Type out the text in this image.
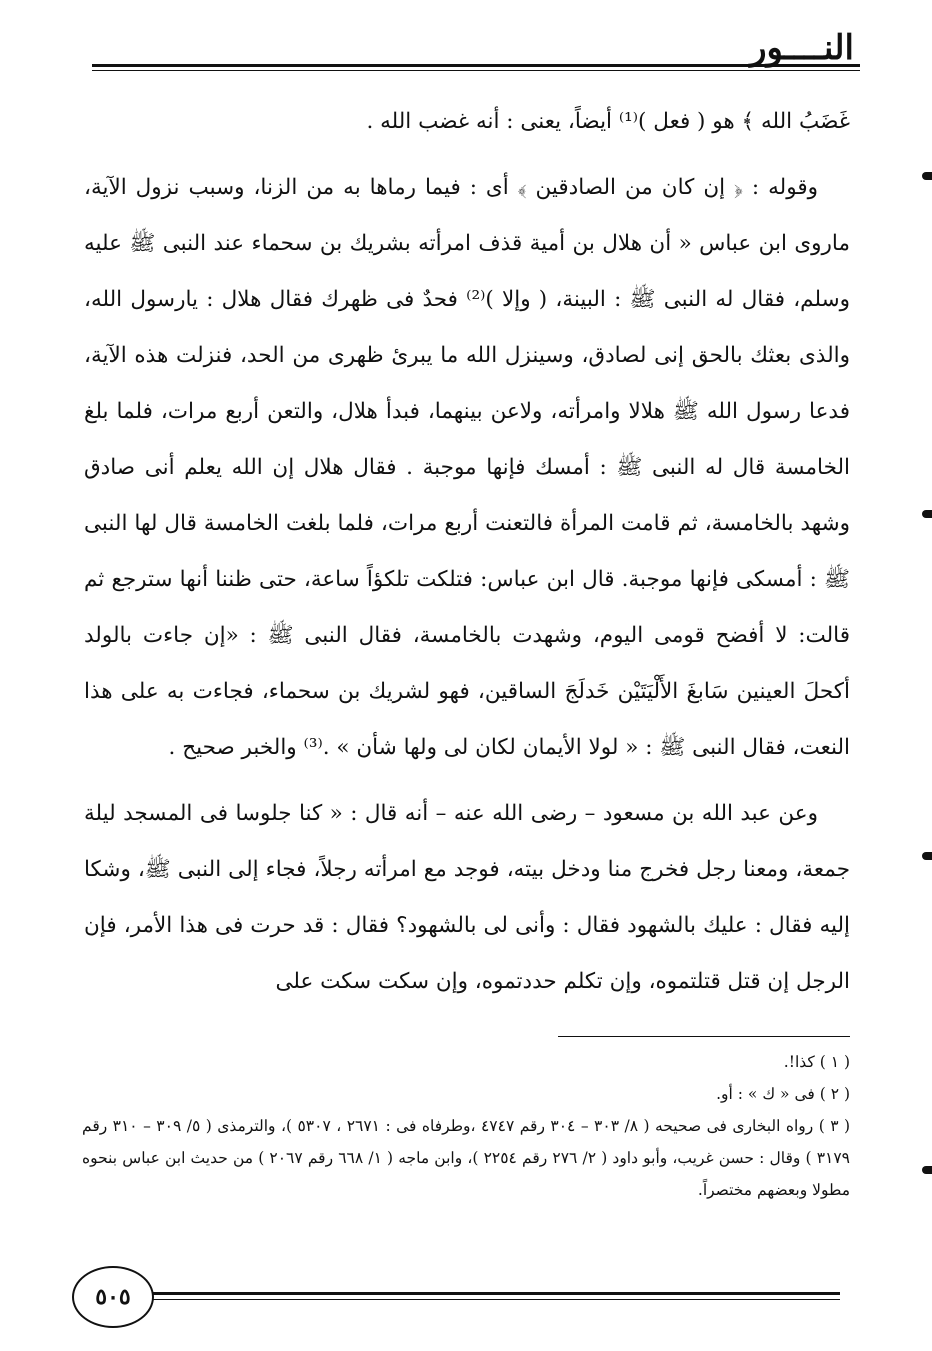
النــــور

غَضَبُ الله ﴾ هو ( فعل )⁽¹⁾ أيضاً، يعنى : أنه غضب الله .

وقوله : ﴿ إن كان من الصادقين ﴾ أى : فيما رماها به من الزنا، وسبب نزول الآية، ماروى ابن عباس « أن هلال بن أمية قذف امرأته بشريك بن سحماء عند النبى ﷺ عليه وسلم، فقال له النبى ﷺ : البينة، ( وإلا )⁽²⁾ فحدٌ فى ظهرك فقال هلال : يارسول الله، والذى بعثك بالحق إنى لصادق، وسينزل الله ما يبرئ ظهرى من الحد، فنزلت هذه الآية، فدعا رسول الله ﷺ هلالا وامرأته، ولاعن بينهما، فبدأ هلال، والتعن أربع مرات، فلما بلغ الخامسة قال له النبى ﷺ : أمسك فإنها موجبة . فقال هلال إن الله يعلم أنى صادق وشهد بالخامسة، ثم قامت المرأة فالتعنت أربع مرات، فلما بلغت الخامسة قال لها النبى ﷺ : أمسكى فإنها موجبة. قال ابن عباس: فتلكت تلكؤاً ساعة، حتى ظننا أنها سترجع ثم قالت: لا أفضح قومى اليوم، وشهدت بالخامسة، فقال النبى ﷺ : «إن جاءت بالولد أكحلَ العينين سَابغَ الأَلْيَتَيْن خَدلَجَ الساقين، فهو لشريك بن سحماء، فجاءت به على هذا النعت، فقال النبى ﷺ : « لولا الأيمان لكان لى ولها شأن » .⁽³⁾ والخبر صحيح .

وعن عبد الله بن مسعود – رضى الله عنه – أنه قال : « كنا جلوسا فى المسجد ليلة جمعة، ومعنا رجل فخرج منا ودخل بيته، فوجد مع امرأته رجلاً، فجاء إلى النبى ﷺ، وشكا إليه فقال : عليك بالشهود فقال : وأنى لى بالشهود؟ فقال : قد حرت فى هذا الأمر، فإن الرجل إن قتل قتلتموه، وإن تكلم حددتموه، وإن سكت سكت على

( ١ ) كذا!.

( ٢ ) فى « ك » : أو.

( ٣ ) رواه البخارى فى صحيحه ( ٨/ ٣٠٣ – ٣٠٤ رقم ٤٧٤٧ ،وطرفاه فى : ٢٦٧١ ، ٥٣٠٧ )، والترمذى ( ٥/ ٣٠٩ – ٣١٠ رقم ٣١٧٩ ) وقال : حسن غريب، وأبو داود ( ٢/ ٢٧٦ رقم ٢٢٥٤ )، وابن ماجه ( ١/ ٦٦٨ رقم ٢٠٦٧ ) من حديث ابن عباس بنحوه مطولا وبعضهم مختصراً.

٥٠٥
